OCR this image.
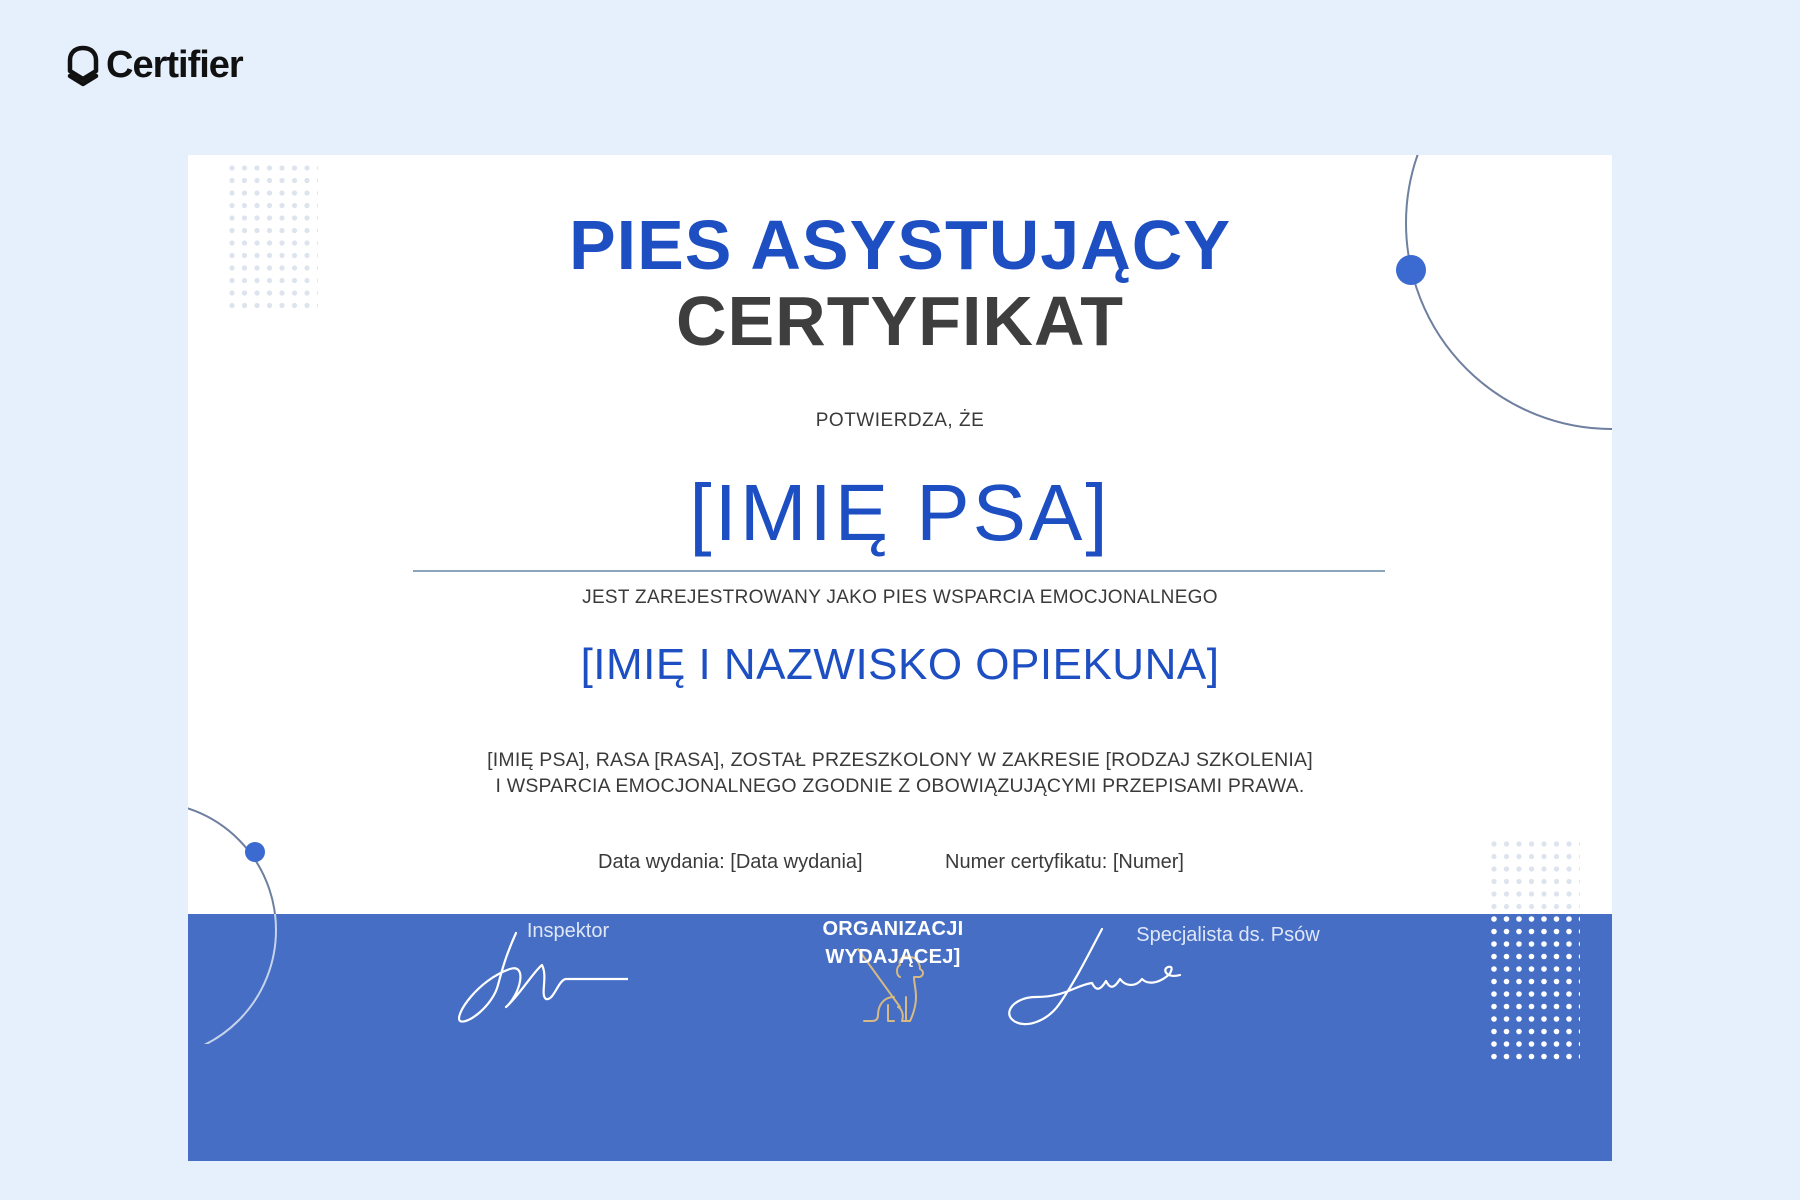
Certifier
PIES ASYSTUJĄCY
CERTYFIKAT
POTWIERDZA, ŻE
[IMIĘ PSA]
JEST ZAREJESTROWANY JAKO PIES WSPARCIA EMOCJONALNEGO
[IMIĘ I NAZWISKO OPIEKUNA]
[IMIĘ PSA], RASA [RASA], ZOSTAŁ PRZESZKOLONY W ZAKRESIE [RODZAJ SZKOLENIA]
I WSPARCIA EMOCJONALNEGO ZGODNIE Z OBOWIĄZUJĄCYMI PRZEPISAMI PRAWA.
Data wydania: [Data wydania]	Numer certyfikatu: [Numer]
[IMIĘ I NAZWISKO INSPEKTORA]
Inspektor
[NAZWA
ORGANIZACJI
WYDAJĄCEJ]
[SPECJALISTA DS. PSÓW]
Specjalista ds. Psów
